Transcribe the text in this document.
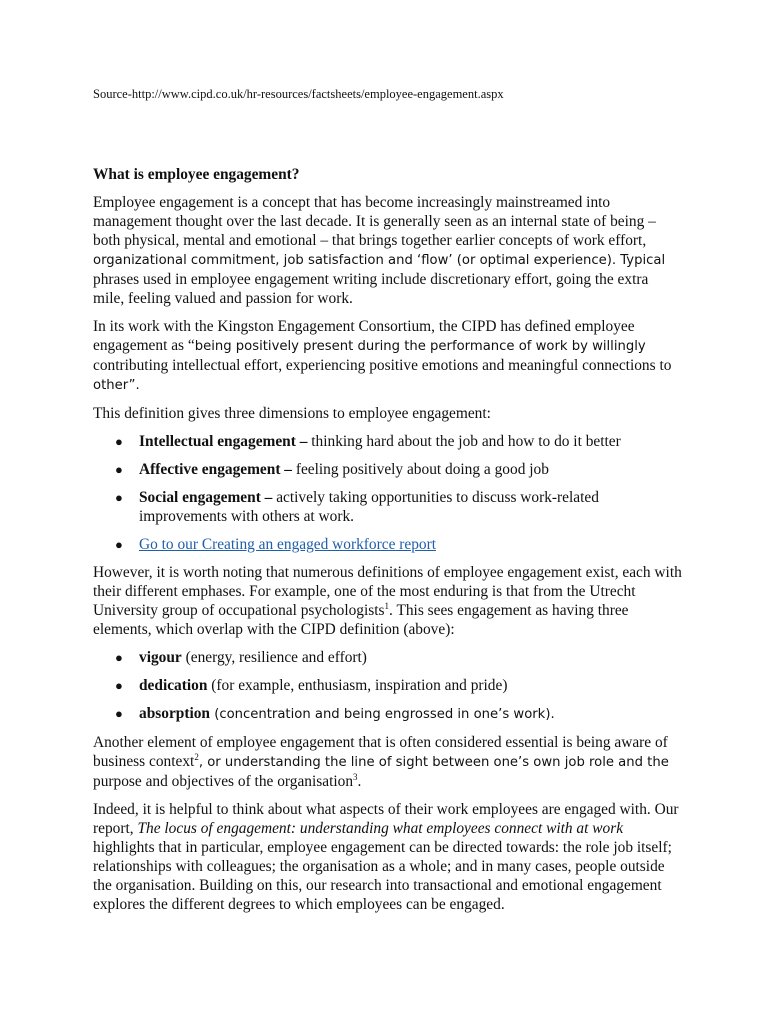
Source-http://www.cipd.co.uk/hr-resources/factsheets/employee-engagement.aspx
What is employee engagement?

Employee engagement is a concept that has become increasingly mainstreamed into management thought over the last decade. It is generally seen as an internal state of being – both physical, mental and emotional – that brings together earlier concepts of work effort, organizational commitment, job satisfaction and ‘flow’ (or optimal experience). Typical phrases used in employee engagement writing include discretionary effort, going the extra mile, feeling valued and passion for work.

In its work with the Kingston Engagement Consortium, the CIPD has defined employee engagement as “being positively present during the performance of work by willingly contributing intellectual effort, experiencing positive emotions and meaningful connections to other”.

This definition gives three dimensions to employee engagement:

● Intellectual engagement – thinking hard about the job and how to do it better
● Affective engagement – feeling positively about doing a good job
● Social engagement – actively taking opportunities to discuss work-related improvements with others at work.
● Go to our Creating an engaged workforce report

However, it is worth noting that numerous definitions of employee engagement exist, each with their different emphases. For example, one of the most enduring is that from the Utrecht University group of occupational psychologists$^1$. This sees engagement as having three elements, which overlap with the CIPD definition (above):

● vigour (energy, resilience and effort)
● dedication (for example, enthusiasm, inspiration and pride)
● absorption (concentration and being engrossed in one’s work).

Another element of employee engagement that is often considered essential is being aware of business context$^2$, or understanding the line of sight between one’s own job role and the purpose and objectives of the organisation$^3$.

Indeed, it is helpful to think about what aspects of their work employees are engaged with. Our report, The locus of engagement: understanding what employees connect with at work highlights that in particular, employee engagement can be directed towards: the role job itself; relationships with colleagues; the organisation as a whole; and in many cases, people outside the organisation. Building on this, our research into transactional and emotional engagement explores the different degrees to which employees can be engaged.
